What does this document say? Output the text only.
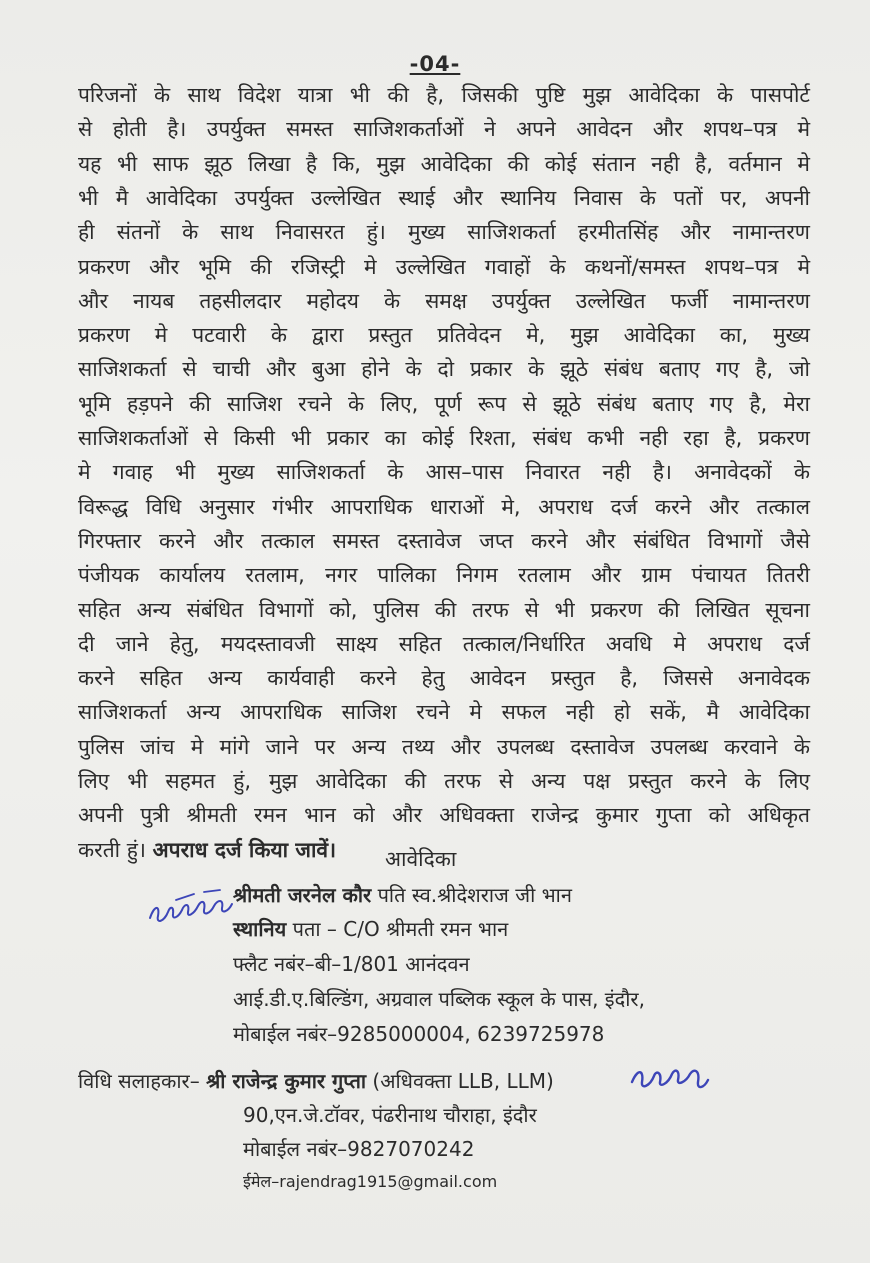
-04-
परिजनों के साथ विदेश यात्रा भी की है, जिसकी पुष्टि मुझ आवेदिका के पासपोर्ट
से होती है। उपर्युक्त समस्त साजिशकर्ताओं ने अपने आवेदन और शपथ–पत्र मे
यह भी साफ झूठ लिखा है कि, मुझ आवेदिका की कोई संतान नही है, वर्तमान मे
भी मै आवेदिका उपर्युक्त उल्लेखित स्थाई और स्थानिय निवास के पतों पर, अपनी
ही संतनों के साथ निवासरत हुं। मुख्य साजिशकर्ता हरमीतसिंह और नामान्तरण
प्रकरण और भूमि की रजिस्ट्री मे उल्लेखित गवाहों के कथनों/समस्त शपथ–पत्र मे
और नायब तहसीलदार महोदय के समक्ष उपर्युक्त उल्लेखित फर्जी नामान्तरण
प्रकरण मे पटवारी के द्वारा प्रस्तुत प्रतिवेदन मे, मुझ आवेदिका का, मुख्य
साजिशकर्ता से चाची और बुआ होने के दो प्रकार के झूठे संबंध बताए गए है, जो
भूमि हड़पने की साजिश रचने के लिए, पूर्ण रूप से झूठे संबंध बताए गए है, मेरा
साजिशकर्ताओं से किसी भी प्रकार का कोई रिश्ता, संबंध कभी नही रहा है, प्रकरण
मे गवाह भी मुख्य साजिशकर्ता के आस–पास निवारत नही है। अनावेदकों के
विरूद्ध विधि अनुसार गंभीर आपराधिक धाराओं मे, अपराध दर्ज करने और तत्काल
गिरफ्तार करने और तत्काल समस्त दस्तावेज जप्त करने और संबंधित विभागों जैसे
पंजीयक कार्यालय रतलाम, नगर पालिका निगम रतलाम और ग्राम पंचायत तितरी
सहित अन्य संबंधित विभागों को, पुलिस की तरफ से भी प्रकरण की लिखित सूचना
दी जाने हेतु, मयदस्तावजी साक्ष्य सहित तत्काल/निर्धारित अवधि मे अपराध दर्ज
करने सहित अन्य कार्यवाही करने हेतु आवेदन प्रस्तुत है, जिससे अनावेदक
साजिशकर्ता अन्य आपराधिक साजिश रचने मे सफल नही हो सकें, मै आवेदिका
पुलिस जांच मे मांगे जाने पर अन्य तथ्य और उपलब्ध दस्तावेज उपलब्ध करवाने के
लिए भी सहमत हुं, मुझ आवेदिका की तरफ से अन्य पक्ष प्रस्तुत करने के लिए
अपनी पुत्री श्रीमती रमन भान को और अधिवक्ता राजेन्द्र कुमार गुप्ता को अधिकृत
करती हुं। अपराध दर्ज किया जावें।	आवेदिका
श्रीमती जरनेल कौर पति स्व.श्रीदेशराज जी भान
स्थानिय पता – C/O श्रीमती रमन भान
फ्लैट नबंर–बी–1/801 आनंदवन
आई.डी.ए.बिल्डिंग, अग्रवाल पब्लिक स्कूल के पास, इंदौर,
मोबाईल नबंर–9285000004, 6239725978
विधि सलाहकार– श्री राजेन्द्र कुमार गुप्ता (अधिवक्ता LLB, LLM)
90,एन.जे.टॉवर, पंढरीनाथ चौराहा, इंदौर
मोबाईल नबंर–9827070242
ईमेल–rajendrag1915@gmail.com
